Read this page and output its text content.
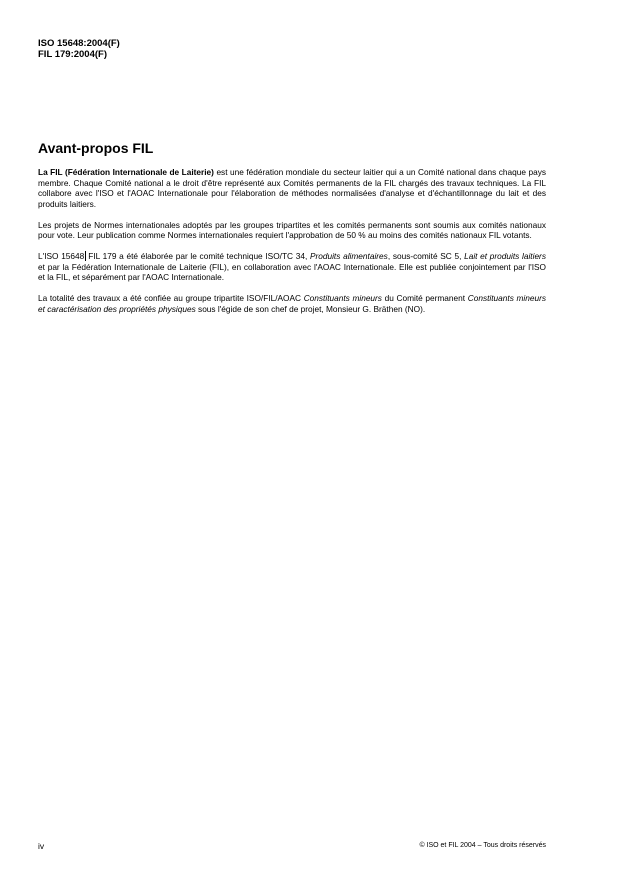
ISO 15648:2004(F)
FIL 179:2004(F)
Avant-propos FIL

La FIL (Fédération Internationale de Laiterie) est une fédération mondiale du secteur laitier qui a un Comité national dans chaque pays membre. Chaque Comité national a le droit d'être représenté aux Comités permanents de la FIL chargés des travaux techniques. La FIL collabore avec l'ISO et l'AOAC Internationale pour l'élaboration de méthodes normalisées d'analyse et d'échantillonnage du lait et des produits laitiers.

Les projets de Normes internationales adoptés par les groupes tripartites et les comités permanents sont soumis aux comités nationaux pour vote. Leur publication comme Normes internationales requiert l'approbation de 50 % au moins des comités nationaux FIL votants.

L'ISO 15648 FIL 179 a été élaborée par le comité technique ISO/TC 34, Produits alimentaires, sous-comité SC 5, Lait et produits laitiers et par la Fédération Internationale de Laiterie (FIL), en collaboration avec l'AOAC Internationale. Elle est publiée conjointement par l'ISO et la FIL, et séparément par l'AOAC Internationale.

La totalité des travaux a été confiée au groupe tripartite ISO/FIL/AOAC Constituants mineurs du Comité permanent Constituants mineurs et caractérisation des propriétés physiques sous l'égide de son chef de projet, Monsieur G. Bräthen (NO).

iv	© ISO et FIL 2004 – Tous droits réservés
